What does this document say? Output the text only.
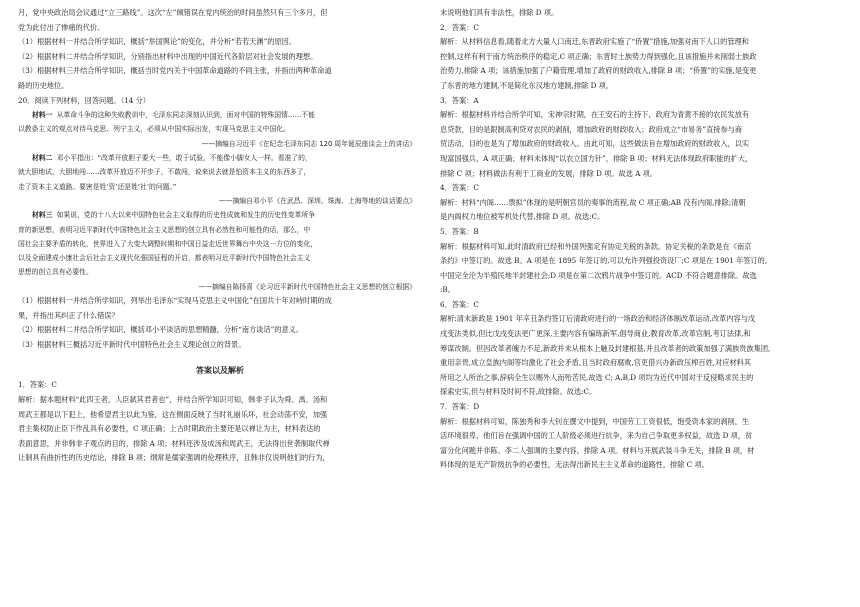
月，党中央政治局会议通过“立三路线”。这次“左”倾错误在党内统治的时间虽然只有三个多月，但

党为此付出了惨痛的代价。

（1）根据材料一并结合所学知识，概括“举国舆论”的变化，并分析“若若天渊”的原因。

（2）根据材料二并结合所学知识，分别指出材料中出现的中国近代各阶层对社会发展的理想。

（3）根据材料三并结合所学知识，概括当时党内关于中国革命道路的不同主张，并指出两种革命道

路的历史地位。

20．阅读下列材料，回答问题。（14 分）

材料一 从革命斗争的这种失败教训中，毛泽东同志深刻认识到，面对中国的特殊国情……不能

以教条主义的观点对待马克思、列宁主义，必须从中国实际出发，实现马克思主义中国化。

——摘编自习近平《在纪念毛泽东同志 120 周年诞辰座谈会上的讲话》

材料二 邓小平指出：“改革开放胆子要大一些，敢于试验，不能像小脚女人一样。看准了的，

就大胆地试，大胆地闯……改革开放迈不开步子，不敢闯，说来说去就是怕资本主义的东西多了，

走了资本主义道路。要害是姓‘资’还是姓‘社’的问题。”

——摘编自邓小平《在武昌、深圳、珠海、上海等地的谈话要点》

材料三 如果说，党的十八大以来中国特色社会主义取得的历史性成就和发生的历史性变革所争

育的新思想，表明习近平新时代中国特色社会主义思想的创立具有必然性和可能性的话，那么，中

国社会主要矛盾的转化，世界进入了大变大调整时期和中国日益走近世界舞台中央这一方位的变化，

以及全面建成小康社会后社会主义现代化强国征程的开启，都表明习近平新时代中国特色社会主义

思想的创立具有必要性。

——摘编自陈扬喜《论习近平新时代中国特色社会主义思想的创立根据》

（1）根据材料一并结合所学知识，列举出毛泽东“实现马克思主义中国化”在国共十年对峙时期的成

果，并指出其纠正了什么错误？

（2）根据材料二并结合所学知识，概括邓小平谈话的思想精髓，分析“南方谈话”的意义。

（3）根据材料三概括习近平新时代中国特色社会主义理论创立的背景。

答案以及解析

1．答案：C

解析：据本题材料“此四王者，人臣弑其君者也”，并结合所学知识可知，韩非子认为舜、禹、汤和

周武王都是以下犯上，他希望君主以此为鉴，这在侧面反映了当时礼崩乐坏，社会动荡不安，加强

君主集权防止臣下作乱具有必要性，C 项正确；上古时期政治主要还是以禅让为主，材料表达的

表面意思，并非韩非子观点的目的，排除 A 项；材料还涉及成汤和周武王，无法得出世袭制取代禅

让制具有曲折性的历史结论，排除 B 项；纲常是儒家强调的伦理秩序，且韩非仅说明他们的行为，

未说明他们具有非法性，排除 D 项。

2．答案：C

解析：从材料信息看,随着北方大量人口南迁,东晋政府实施了“侨置”措施,加强对南下人口的管理和

控制,这样有利于南方统治秩序的稳定,C 项正确；东晋时土族势力得到强化,且该措施并未削弱士族政

治势力,排除 A 项；该措施加强了户籍管理,增加了政府的财政收入,排除 B 项；“侨置”的实施,是变更

了东晋的地方建制,不是简化东汉地方建制,排除 D 项。

3．答案：A

解析：根据材料并结合所学可知，宋神宗时期，在王安石的主持下，政府为青黄不接的农民发放有

息贷款，目的是限制高利贷对农民的剥削，增加政府的财政收入；政府成立“市易务”直接参与商

贸活动，目的也是为了增加政府的财政收入。由此可知，这些做法旨在增加政府的财政收入，以实

现富国强兵，A 项正确；材料未体现“以农立国方针”，排除 B 项；材料无法体现政府职能的扩大，

排除 C 项；材料做法有利于工商业的发展，排除 D 项。故选 A 项。

4．答案：C

解析：材料“内阁……票拟”体现的是明朝官员的奏事的流程,故 C 项正确;AB 没有内阁,排除;清朝

是内阁权力地位被军机处代替,排除 D 项。故选:C。

5．答案：B

解析：根据材料可知,此时清政府已经和外国列强定有协定关税的条款。协定关税的条款是在《南京

条约》中签订的。故选 B。A 项是在 1895 年签订的,可以允许列强投资设厂;C 项是在 1901 年签订的,

中国完全沦为半殖民地半封建社会;D 项是在第二次鸦片战争中签订的。ACD 不符合题意排除。故选

:B。

6．答案：C

解析:清末新政是 1901 年辛丑条约签订后清政府进行的一场政治和经济体制改革运动,改革内容与戊

戌变法类似,但比戊戌变法更广更深,主要内容有编练新军,倡导商业,教育改革,改革官制,考订法律,和

筹谋改制。但因改革者魄力不足,新政并未从根本上触及封建根基,并且改革者的政策加强了满族贵族集团,

重用亲贵,成立皇族内阁等均激化了社会矛盾,且当时政府腐败,官吏借兴办新政压榨百姓,对应材料其

所用之人所治之事,辞病全生以赐外人而殆苦民,故选 C; A,B,D 项均为近代中国对于反侵略求民主的

探索史实,但与材料及时间不符,故排除。故选:C。

7．答案：D

解析：根据材料可知，陈独秀和李大钊在撰文中提到，中国劳工工资很低，饱受资本家的剥削，生

活环境很卑，他们旨在强调中国的工人阶级必须进行抗争，来为自己争取更多权益，故选 D 项，贫

富分化问题并非陈、李二人强调的主要内容，排除 A 项。材料与开展武装斗争无关，排除 B 项，材

料体现的是无产阶级抗争的必要性，无法得出新民主主义革命的道路性，排除 C 项。
